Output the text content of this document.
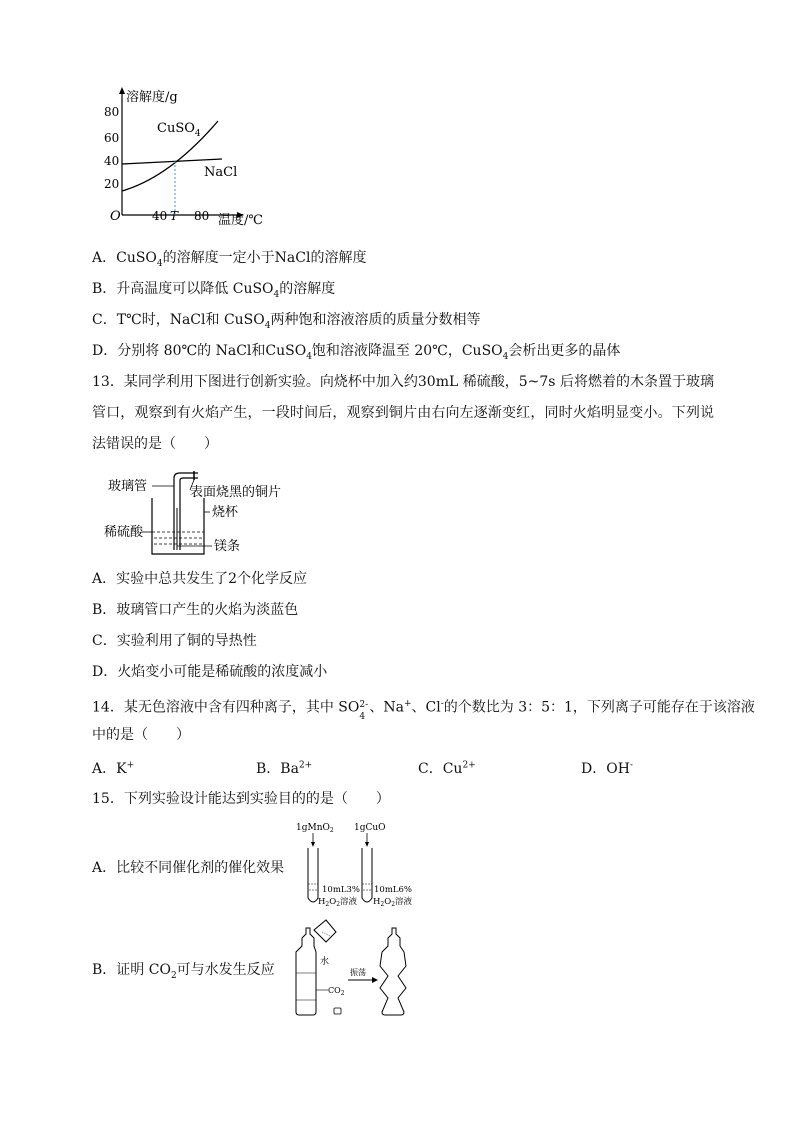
溶解度/g
80
60
40
20
O	40 T 80 温度/℃
CuSO$_4$
NaCl
A．CuSO$_4$的溶解度一定小于NaCl的溶解度
B．升高温度可以降低 CuSO$_4$的溶解度
C．T℃时，NaCl和 CuSO$_4$两种饱和溶液溶质的质量分数相等
D．分别将 80℃的 NaCl和CuSO$_4$饱和溶液降温至 20℃，CuSO$_4$会析出更多的晶体
13．某同学利用下图进行创新实验。向烧杯中加入约30mL 稀硫酸，5~7s 后将燃着的木条置于玻璃管口，观察到有火焰产生，一段时间后，观察到铜片由右向左逐渐变红，同时火焰明显变小。下列说法错误的是（　　）
玻璃管	表面烧黑的铜片
烧杯
稀硫酸
镁条
A．实验中总共发生了2个化学反应
B．玻璃管口产生的火焰为淡蓝色
C．实验利用了铜的导热性
D．火焰变小可能是稀硫酸的浓度减小
14．某无色溶液中含有四种离子，其中 SO 2-
4
、Na+、Cl-的个数比为 3：5：1，下列离子可能存在于该溶液
中的是（　　）
A．K+	B．$Ba^{2+}$	C．$Cu^{2+}$	D．OH-
15．下列实验设计能达到实验目的的是（　　）
A．比较不同催化剂的催化效果
1gMnO$_2$
10mL3%
$H_2O_2$溶液
1gCuO
10mL6%
$H_2O_2$溶液
B．证明 $CO_2$可与水发生反应	水
$CO_2$
振荡
